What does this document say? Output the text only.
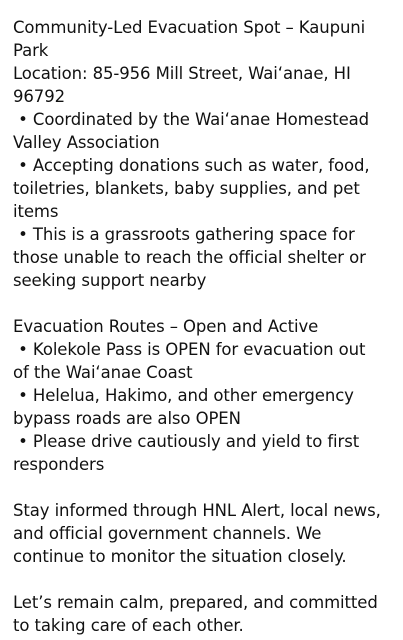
Community-Led Evacuation Spot – Kaupuni
Park
Location: 85-956 Mill Street, Waiʻanae, HI
96792
• Coordinated by the Waiʻanae Homestead
Valley Association
• Accepting donations such as water, food,
toiletries, blankets, baby supplies, and pet
items
• This is a grassroots gathering space for
those unable to reach the official shelter or
seeking support nearby
Evacuation Routes – Open and Active
• Kolekole Pass is OPEN for evacuation out
of the Waiʻanae Coast
• Helelua, Hakimo, and other emergency
bypass roads are also OPEN
• Please drive cautiously and yield to first
responders
Stay informed through HNL Alert, local news,
and official government channels. We
continue to monitor the situation closely.
Let’s remain calm, prepared, and committed
to taking care of each other.
